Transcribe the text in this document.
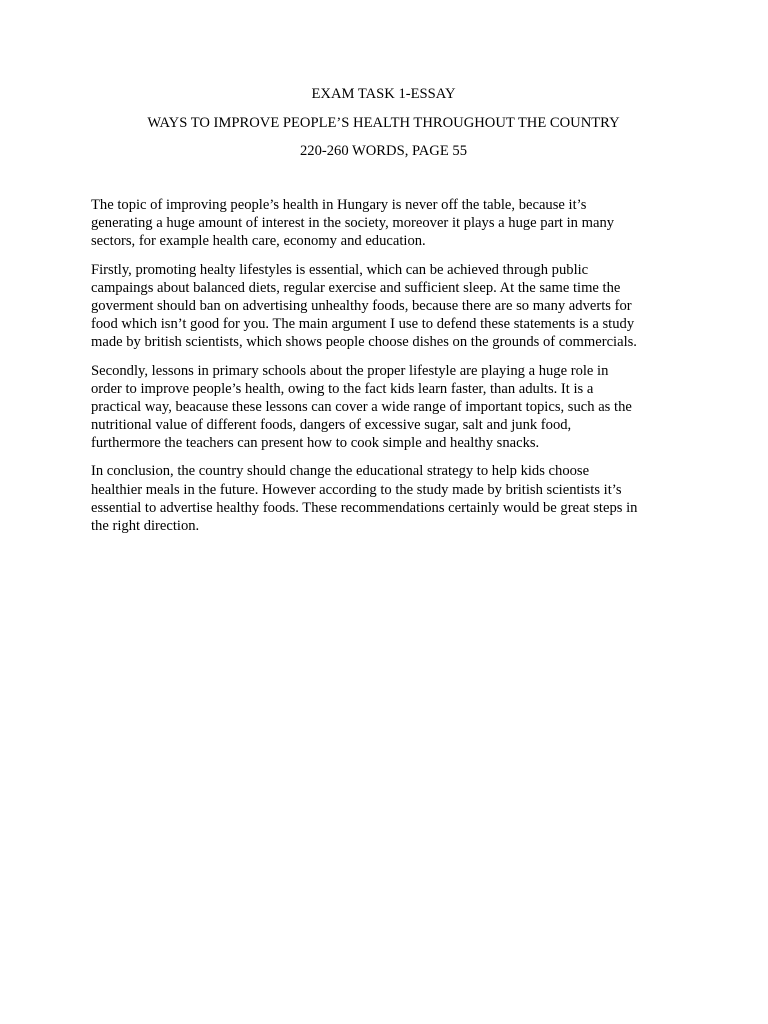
EXAM TASK 1-ESSAY
WAYS TO IMPROVE PEOPLE’S HEALTH THROUGHOUT THE COUNTRY
220-260 WORDS, PAGE 55
The topic of improving people’s health in Hungary is never off the table, because it’s
generating a huge amount of interest in the society, moreover it plays a huge part in many
sectors, for example health care, economy and education.
Firstly, promoting healty lifestyles is essential, which can be achieved through public
campaings about balanced diets, regular exercise and sufficient sleep. At the same time the
goverment should ban on advertising unhealthy foods, because there are so many adverts for
food which isn’t good for you. The main argument I use to defend these statements is a study
made by british scientists, which shows people choose dishes on the grounds of commercials.
Secondly, lessons in primary schools about the proper lifestyle are playing a huge role in
order to improve people’s health, owing to the fact kids learn faster, than adults. It is a
practical way, beacause these lessons can cover a wide range of important topics, such as the
nutritional value of different foods, dangers of excessive sugar, salt and junk food,
furthermore the teachers can present how to cook simple and healthy snacks.
In conclusion, the country should change the educational strategy to help kids choose
healthier meals in the future. However according to the study made by british scientists it’s
essential to advertise healthy foods. These recommendations certainly would be great steps in
the right direction.
